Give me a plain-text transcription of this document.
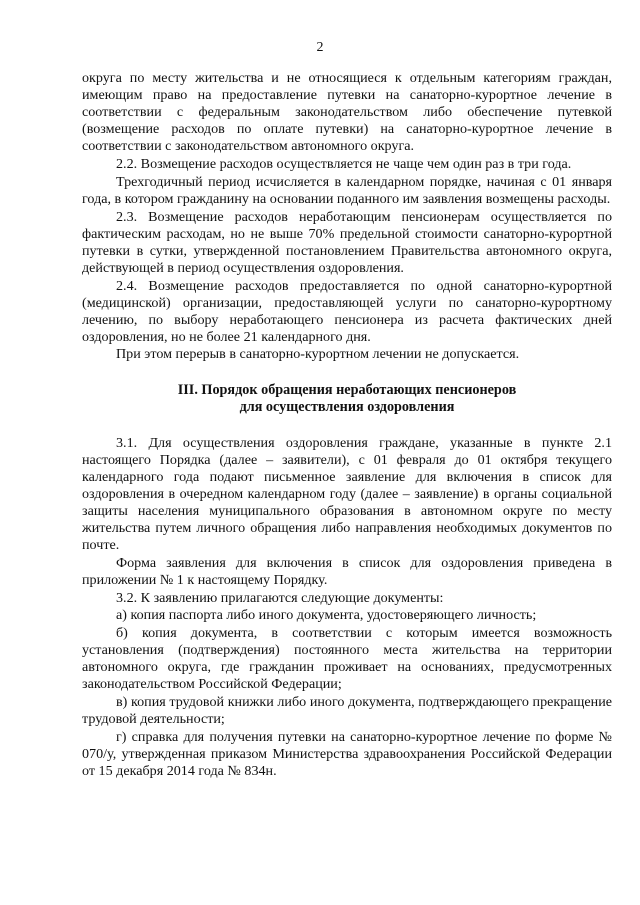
2

округа по месту жительства и не относящиеся к отдельным категориям граждан, имеющим право на предоставление путевки на санаторно-курортное лечение в соответствии с федеральным законодательством либо обеспечение путевкой (возмещение расходов по оплате путевки) на санаторно-курортное лечение в соответствии с законодательством автономного округа.

2.2. Возмещение расходов осуществляется не чаще чем один раз в три года.

Трехгодичный период исчисляется в календарном порядке, начиная с 01 января года, в котором гражданину на основании поданного им заявления возмещены расходы.

2.3. Возмещение расходов неработающим пенсионерам осуществляется по фактическим расходам, но не выше 70% предельной стоимости санаторно-курортной путевки в сутки, утвержденной постановлением Правительства автономного округа, действующей в период осуществления оздоровления.

2.4. Возмещение расходов предоставляется по одной санаторно-курортной (медицинской) организации, предоставляющей услуги по санаторно-курортному лечению, по выбору неработающего пенсионера из расчета фактических дней оздоровления, но не более 21 календарного дня.

При этом перерыв в санаторно-курортном лечении не допускается.

III. Порядок обращения неработающих пенсионеров
для осуществления оздоровления

3.1. Для осуществления оздоровления граждане, указанные в пункте 2.1 настоящего Порядка (далее – заявители), с 01 февраля до 01 октября текущего календарного года подают письменное заявление для включения в список для оздоровления в очередном календарном году (далее – заявление) в органы социальной защиты населения муниципального образования в автономном округе по месту жительства путем личного обращения либо направления необходимых документов по почте.

Форма заявления для включения в список для оздоровления приведена в приложении № 1 к настоящему Порядку.

3.2. К заявлению прилагаются следующие документы:

а) копия паспорта либо иного документа, удостоверяющего личность;

б) копия документа, в соответствии с которым имеется возможность установления (подтверждения) постоянного места жительства на территории автономного округа, где гражданин проживает на основаниях, предусмотренных законодательством Российской Федерации;

в) копия трудовой книжки либо иного документа, подтверждающего прекращение трудовой деятельности;

г) справка для получения путевки на санаторно-курортное лечение по форме № 070/у, утвержденная приказом Министерства здравоохранения Российской Федерации от 15 декабря 2014 года № 834н.
